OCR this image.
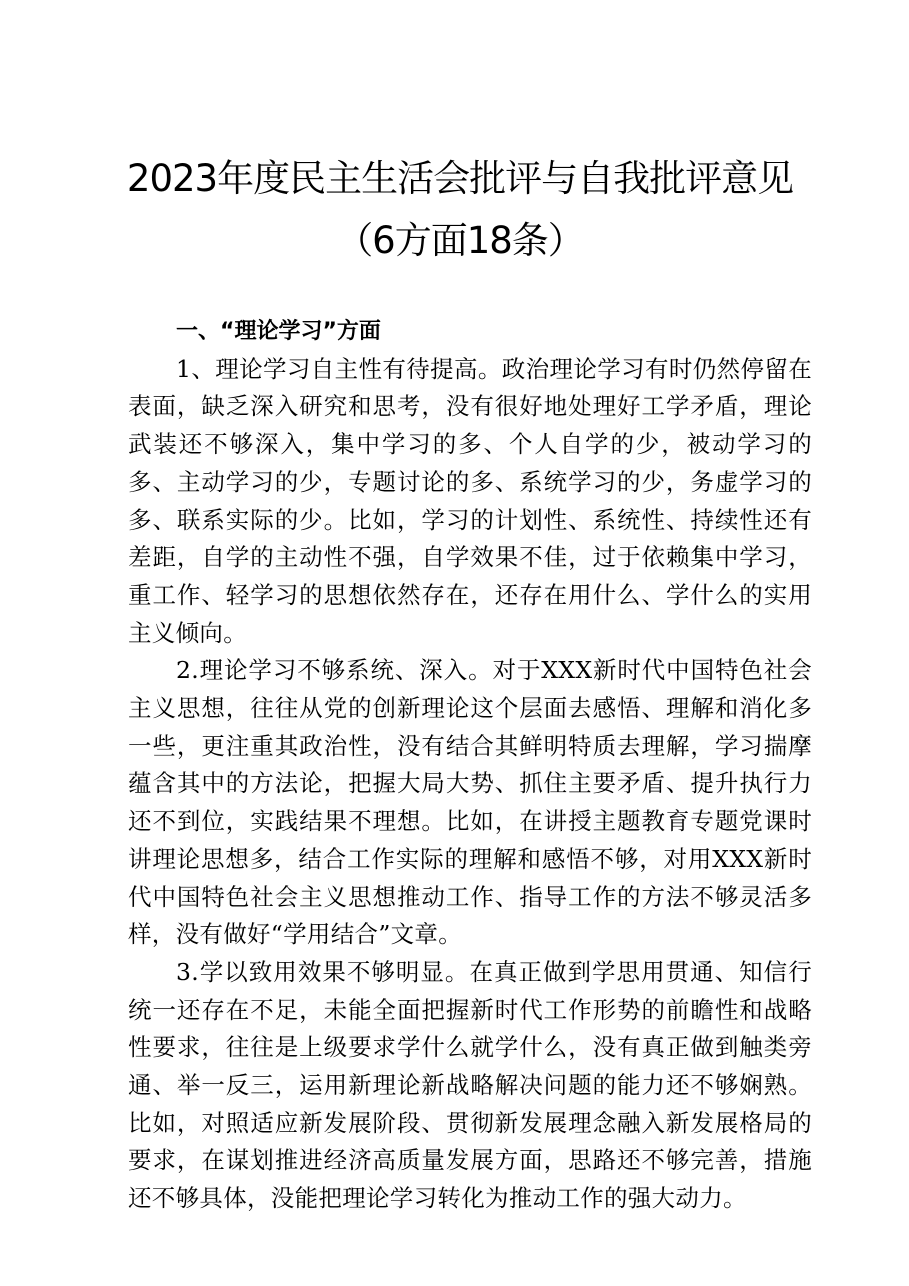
2023年度民主生活会批评与自我批评意见（6方面18条）

一、“理论学习”方面

1、理论学习自主性有待提高。政治理论学习有时仍然停留在表面，缺乏深入研究和思考，没有很好地处理好工学矛盾，理论武装还不够深入，集中学习的多、个人自学的少，被动学习的多、主动学习的少，专题讨论的多、系统学习的少，务虚学习的多、联系实际的少。比如，学习的计划性、系统性、持续性还有差距，自学的主动性不强，自学效果不佳，过于依赖集中学习，重工作、轻学习的思想依然存在，还存在用什么、学什么的实用主义倾向。

2.理论学习不够系统、深入。对于XXX新时代中国特色社会主义思想，往往从党的创新理论这个层面去感悟、理解和消化多一些，更注重其政治性，没有结合其鲜明特质去理解，学习揣摩蕴含其中的方法论，把握大局大势、抓住主要矛盾、提升执行力还不到位，实践结果不理想。比如，在讲授主题教育专题党课时讲理论思想多，结合工作实际的理解和感悟不够，对用XXX新时代中国特色社会主义思想推动工作、指导工作的方法不够灵活多样，没有做好“学用结合”文章。

3.学以致用效果不够明显。在真正做到学思用贯通、知信行统一还存在不足，未能全面把握新时代工作形势的前瞻性和战略性要求，往往是上级要求学什么就学什么，没有真正做到触类旁通、举一反三，运用新理论新战略解决问题的能力还不够娴熟。比如，对照适应新发展阶段、贯彻新发展理念融入新发展格局的要求，在谋划推进经济高质量发展方面，思路还不够完善，措施还不够具体，没能把理论学习转化为推动工作的强大动力。
